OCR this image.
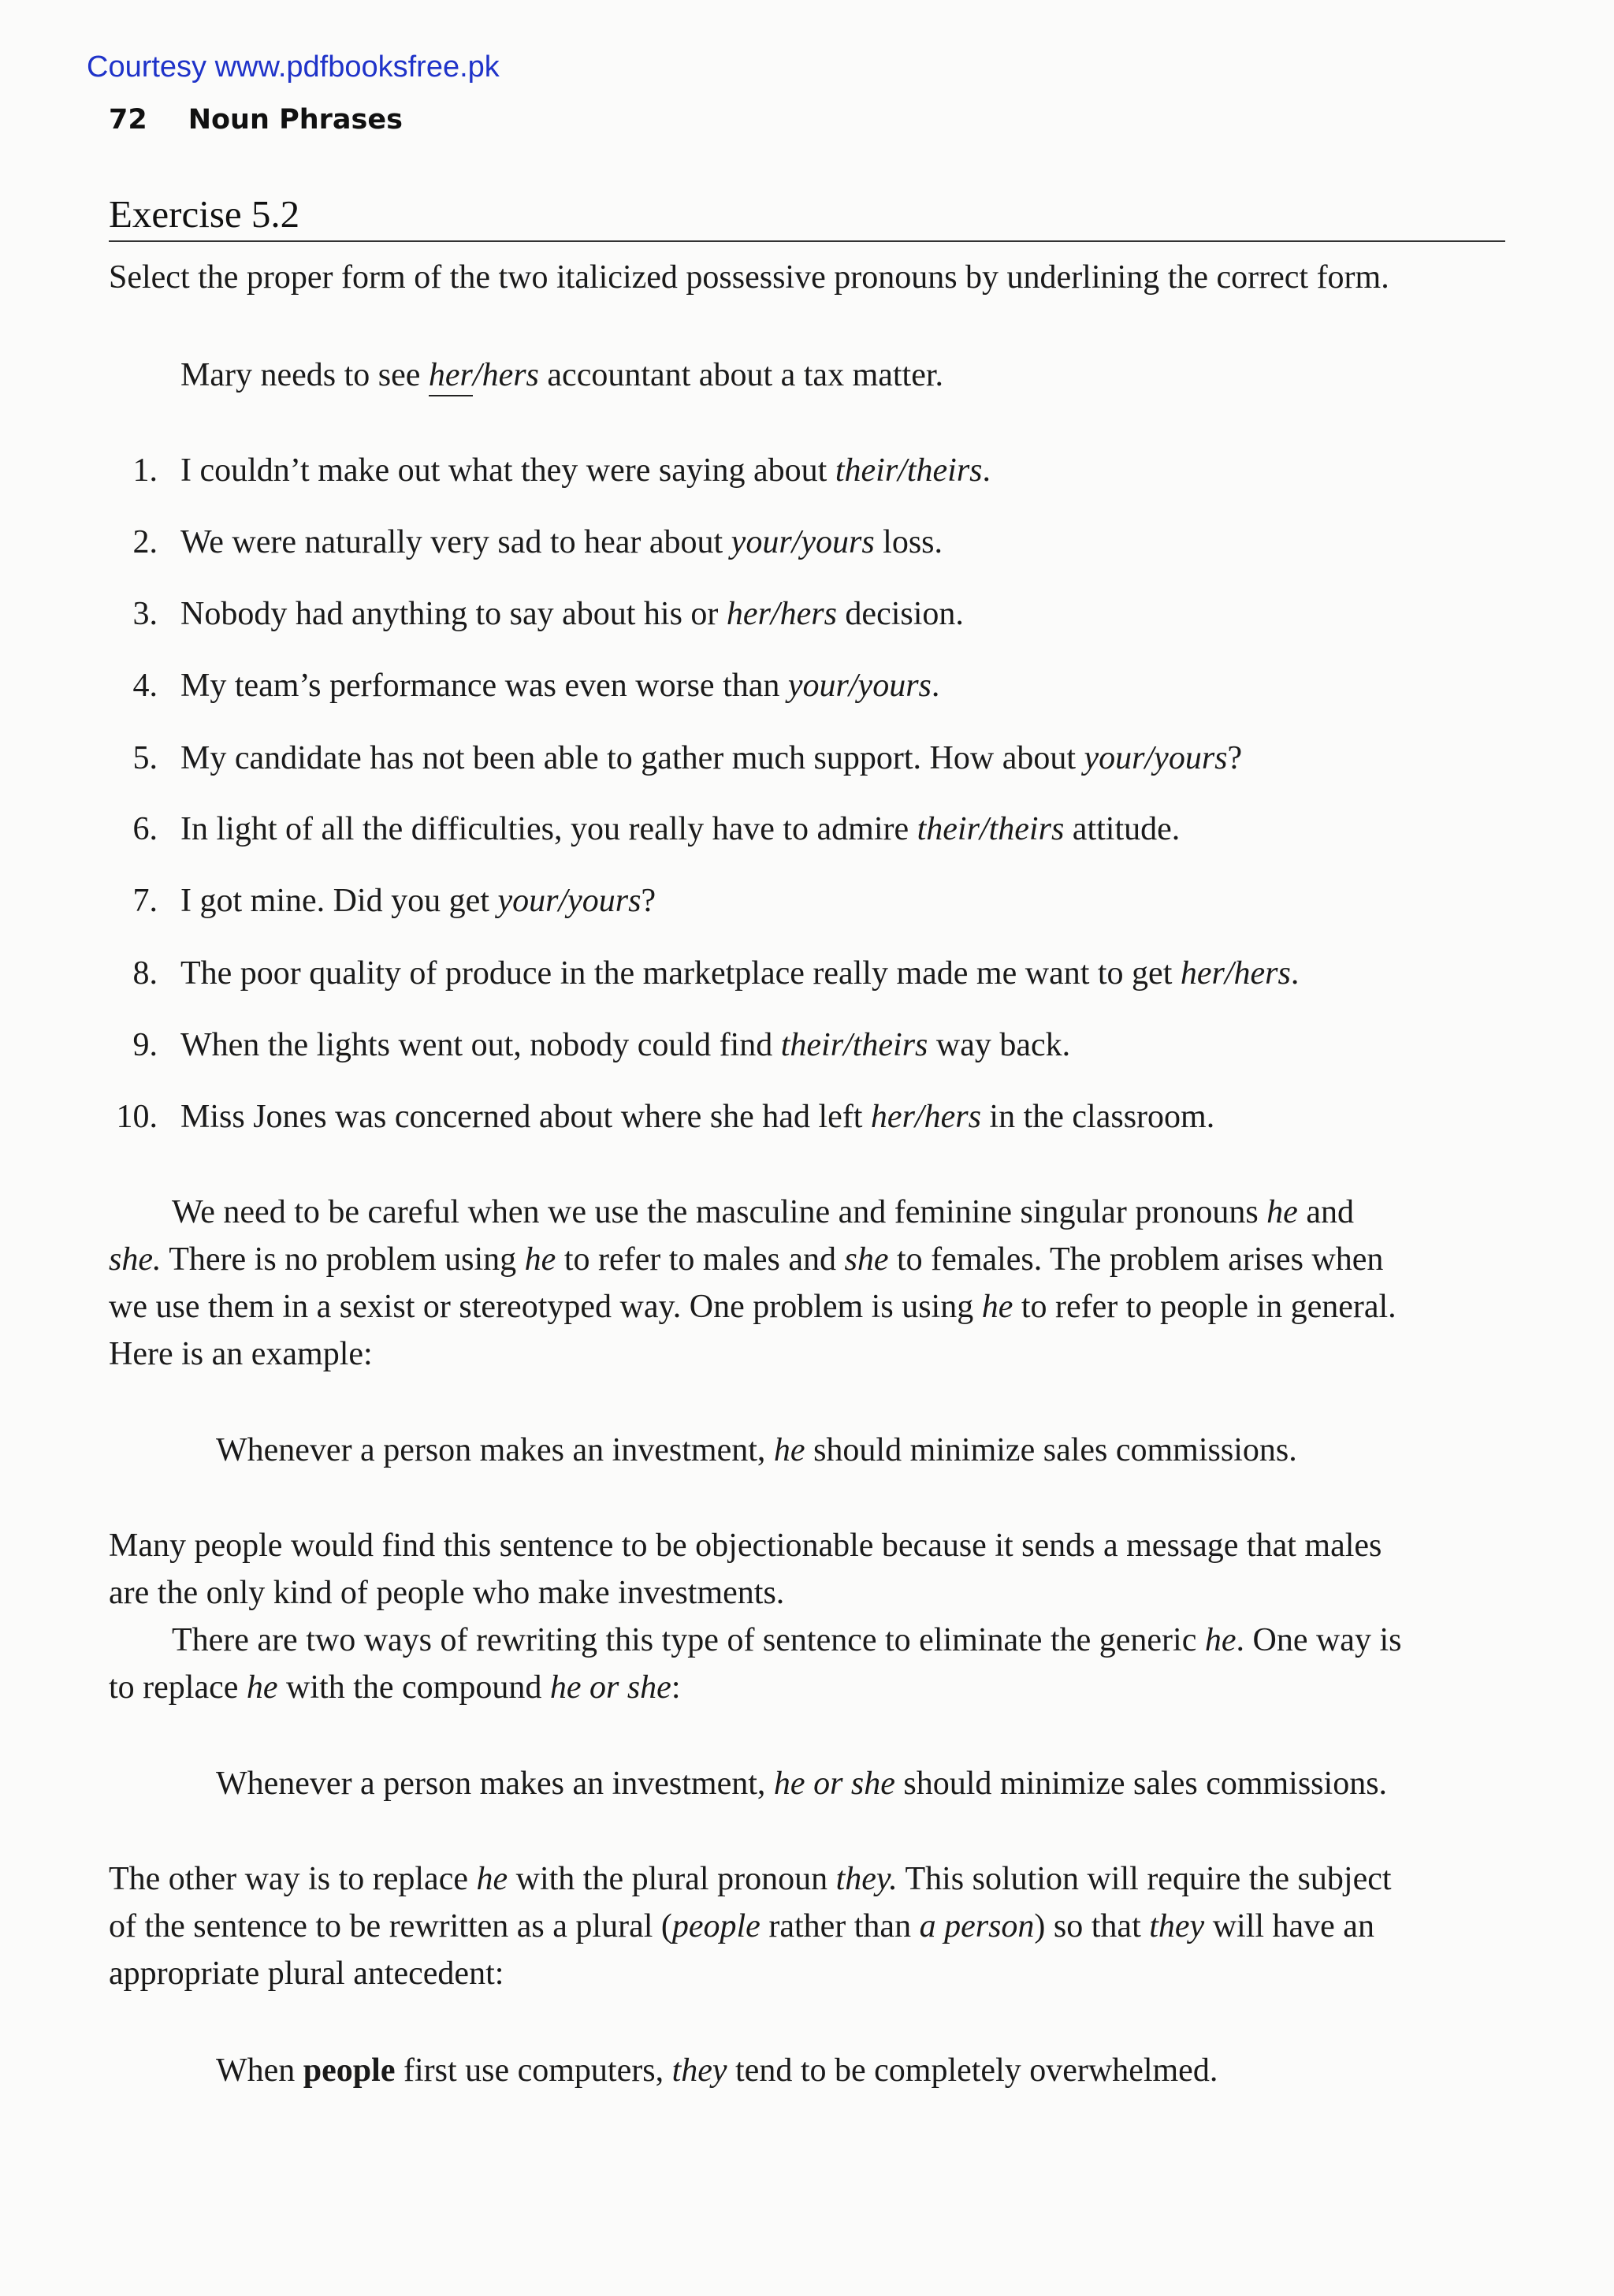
Courtesy www.pdfbooksfree.pk
72 Noun Phrases
Exercise 5.2

Select the proper form of the two italicized possessive pronouns by underlining the correct form.

Mary needs to see her/hers accountant about a tax matter.

1. I couldn’t make out what they were saying about their/theirs.

2. We were naturally very sad to hear about your/yours loss.

3. Nobody had anything to say about his or her/hers decision.

4. My team’s performance was even worse than your/yours.

5. My candidate has not been able to gather much support. How about your/yours?

6. In light of all the difficulties, you really have to admire their/theirs attitude.

7. I got mine. Did you get your/yours?

8. The poor quality of produce in the marketplace really made me want to get her/hers.

9. When the lights went out, nobody could find their/theirs way back.

10. Miss Jones was concerned about where she had left her/hers in the classroom.

We need to be careful when we use the masculine and feminine singular pronouns he and

she. There is no problem using he to refer to males and she to females. The problem arises when

we use them in a sexist or stereotyped way. One problem is using he to refer to people in general.

Here is an example:

Whenever a person makes an investment, he should minimize sales commissions.

Many people would find this sentence to be objectionable because it sends a message that males

are the only kind of people who make investments.

There are two ways of rewriting this type of sentence to eliminate the generic he. One way is

to replace he with the compound he or she:

Whenever a person makes an investment, he or she should minimize sales commissions.

The other way is to replace he with the plural pronoun they. This solution will require the subject

of the sentence to be rewritten as a plural (people rather than a person) so that they will have an

appropriate plural antecedent:

When people first use computers, they tend to be completely overwhelmed.
